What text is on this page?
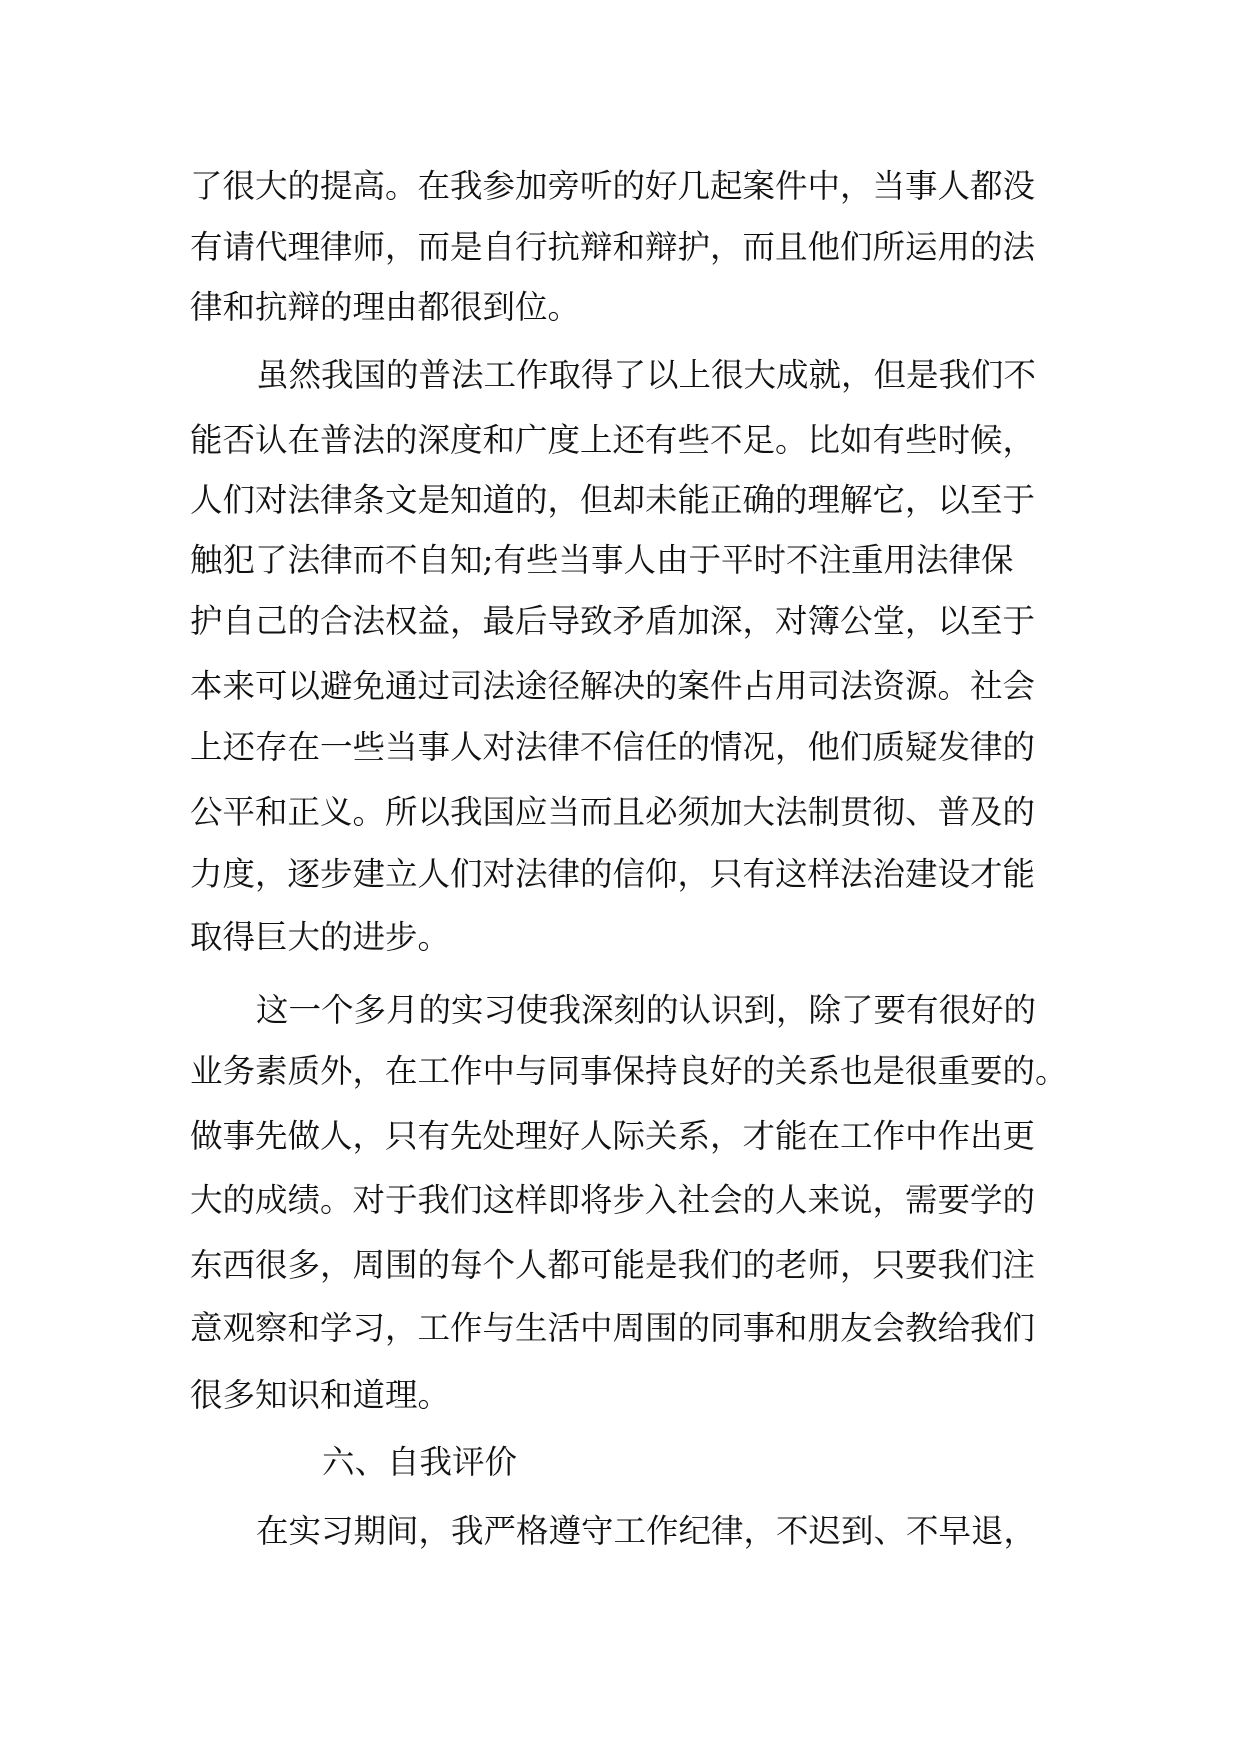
了很大的提高。在我参加旁听的好几起案件中，当事人都没
有请代理律师，而是自行抗辩和辩护，而且他们所运用的法
律和抗辩的理由都很到位。
虽然我国的普法工作取得了以上很大成就，但是我们不
能否认在普法的深度和广度上还有些不足。比如有些时候，
人们对法律条文是知道的，但却未能正确的理解它，以至于
触犯了法律而不自知;有些当事人由于平时不注重用法律保
护自己的合法权益，最后导致矛盾加深，对簿公堂，以至于
本来可以避免通过司法途径解决的案件占用司法资源。社会
上还存在一些当事人对法律不信任的情况，他们质疑发律的
公平和正义。所以我国应当而且必须加大法制贯彻、普及的
力度，逐步建立人们对法律的信仰，只有这样法治建设才能
取得巨大的进步。
这一个多月的实习使我深刻的认识到，除了要有很好的
业务素质外，在工作中与同事保持良好的关系也是很重要的。
做事先做人，只有先处理好人际关系，才能在工作中作出更
大的成绩。对于我们这样即将步入社会的人来说，需要学的
东西很多，周围的每个人都可能是我们的老师，只要我们注
意观察和学习，工作与生活中周围的同事和朋友会教给我们
很多知识和道理。
六、自我评价
在实习期间，我严格遵守工作纪律，不迟到、不早退，
